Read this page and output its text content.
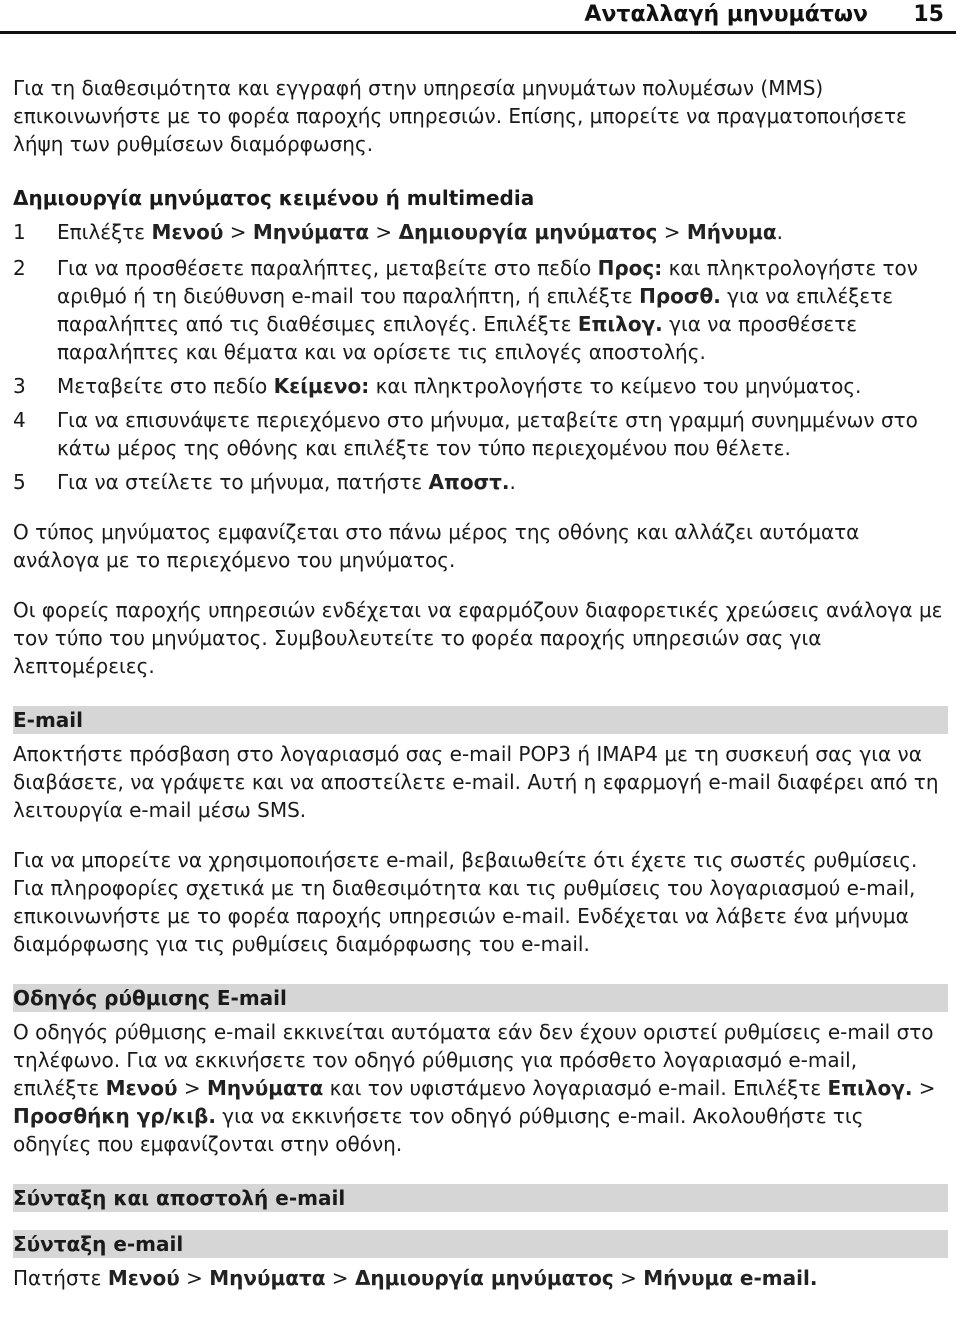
Ανταλλαγή μηνυμάτων 15

Για τη διαθεσιμότητα και εγγραφή στην υπηρεσία μηνυμάτων πολυμέσων (MMS) επικοινωνήστε με το φορέα παροχής υπηρεσιών. Επίσης, μπορείτε να πραγματοποιήσετε λήψη των ρυθμίσεων διαμόρφωσης.

Δημιουργία μηνύματος κειμένου ή multimedia
1	Επιλέξτε Μενού > Μηνύματα > Δημιουργία μηνύματος > Μήνυμα.
2	Για να προσθέσετε παραλήπτες, μεταβείτε στο πεδίο Προς: και πληκτρολογήστε τον αριθμό ή τη διεύθυνση e-mail του παραλήπτη, ή επιλέξτε Προσθ. για να επιλέξετε παραλήπτες από τις διαθέσιμες επιλογές. Επιλέξτε Επιλογ. για να προσθέσετε παραλήπτες και θέματα και να ορίσετε τις επιλογές αποστολής.
3	Μεταβείτε στο πεδίο Κείμενο: και πληκτρολογήστε το κείμενο του μηνύματος.
4	Για να επισυνάψετε περιεχόμενο στο μήνυμα, μεταβείτε στη γραμμή συνημμένων στο κάτω μέρος της οθόνης και επιλέξτε τον τύπο περιεχομένου που θέλετε.
5	Για να στείλετε το μήνυμα, πατήστε Αποστ..

Ο τύπος μηνύματος εμφανίζεται στο πάνω μέρος της οθόνης και αλλάζει αυτόματα ανάλογα με το περιεχόμενο του μηνύματος.

Οι φορείς παροχής υπηρεσιών ενδέχεται να εφαρμόζουν διαφορετικές χρεώσεις ανάλογα με τον τύπο του μηνύματος. Συμβουλευτείτε το φορέα παροχής υπηρεσιών σας για λεπτομέρειες.

E-mail

Αποκτήστε πρόσβαση στο λογαριασμό σας e-mail POP3 ή IMAP4 με τη συσκευή σας για να διαβάσετε, να γράψετε και να αποστείλετε e-mail. Αυτή η εφαρμογή e-mail διαφέρει από τη λειτουργία e-mail μέσω SMS.

Για να μπορείτε να χρησιμοποιήσετε e-mail, βεβαιωθείτε ότι έχετε τις σωστές ρυθμίσεις. Για πληροφορίες σχετικά με τη διαθεσιμότητα και τις ρυθμίσεις του λογαριασμού e-mail, επικοινωνήστε με το φορέα παροχής υπηρεσιών e-mail. Ενδέχεται να λάβετε ένα μήνυμα διαμόρφωσης για τις ρυθμίσεις διαμόρφωσης του e-mail.

Οδηγός ρύθμισης E-mail

Ο οδηγός ρύθμισης e-mail εκκινείται αυτόματα εάν δεν έχουν οριστεί ρυθμίσεις e-mail στο τηλέφωνο. Για να εκκινήσετε τον οδηγό ρύθμισης για πρόσθετο λογαριασμό e-mail, επιλέξτε Μενού > Μηνύματα και τον υφιστάμενο λογαριασμό e-mail. Επιλέξτε Επιλογ. > Προσθήκη γρ/κιβ. για να εκκινήσετε τον οδηγό ρύθμισης e-mail. Ακολουθήστε τις οδηγίες που εμφανίζονται στην οθόνη.

Σύνταξη και αποστολή e-mail
Σύνταξη e-mail

Πατήστε Μενού > Μηνύματα > Δημιουργία μηνύματος > Μήνυμα e-mail.
